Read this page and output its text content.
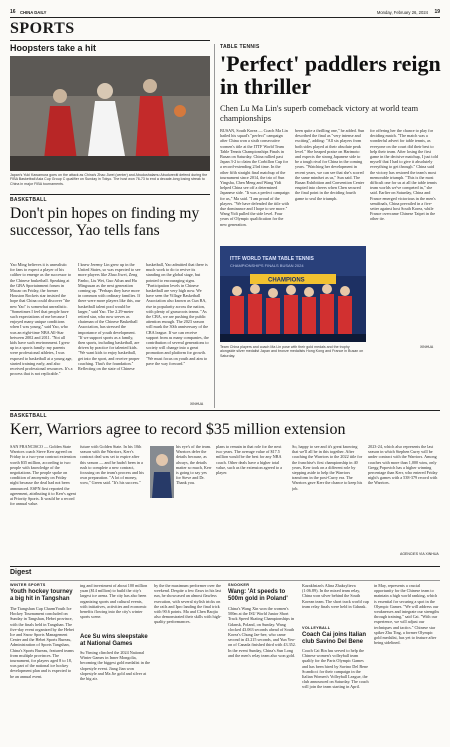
16 CHINA DAILY	Monday, February 26, 2024 19
SPORTS
Hoopsters take a hit
Japan's Yuki Kawamura goes on the attack as China's Zhao Jiwei (center) and Abudushalamu Abudurexiti defend during the FIBA Basketball Asia Cup Group C qualifier on Sunday in Tokyo. The host won 76-73 to end a decade-long losing streak to China in major FIBA tournaments.
BASKETBALL
Don't pin hopes on finding my successor, Yao tells fans
Yao Ming believes it is unrealistic for fans to expect a player of his caliber to emerge as the successor to the Chinese basketball. Speaking at the GBA Sportainment forum in Macao on Friday, the former Houston Rockets star insisted the hope that China could discover "the new Yao" is somewhat unrealistic. "Sometimes I feel that people have such expectations of me because I enjoyed many unique conditions when I was young," said Yao, who was an eight-time NBA All-Star between 2002 and 2011. "Not all kids have such environment. I grew up in a sports family: my parents were professional athletes, I was exposed to basketball at a young age, started training early, and also received professional resources. It's a process that is not replicable."
I knew Jeremy Lin grew up in the United States, so was expected to see more players like Zhao Jiwei, Zeng Fanbo, Liu Wei, Guo Ailun and Hu Mingxuan as the next generation coming up. "Perhaps they have more in common with ordinary families. If there were more players like this, our basketball talent pool would be larger," said Yao. The 2.29-meter retired star, who now serves as chairman of the Chinese Basketball Association, has stressed the importance of youth development. "If we support sports as a family, then sports, including basketball, are driven by practice for talented kids. "We want kids to enjoy basketball, get into the sport, and receive proper coaching. That's the foundation." Reflecting on the state of Chinese
basketball, Yao admitted that there is much work to do to revive its standing on the global stage, but pointed to encouraging signs. "Participation levels in Chinese basketball are very high now. We have seen the Village Basketball Association also known as Cun BA, rise in popularity across the nation, with plenty of grassroots teams. "As the CBA, we are pushing the public attention enough. The 2023 season will mark the 30th anniversary of the CBA league. If we can receive support from as many companies, the contribution of several generations to society will change into a great promotion and platform for growth. "We must focus on youth and aim to pave the way forward."
XINHUA
TABLE TENNIS
'Perfect' paddlers reign in thriller
Chen Lu Ma Lin's superb comeback victory at world team championships
BUSAN, South Korea — Coach Ma Lin hailed his squad's "perfect" campaign after China won a sixth consecutive women's title at the ITTF World Team Table Tennis Championships Finals in Busan on Saturday. China rallied past Japan 3-2 to claim the Corbillon Cup for a record-extending 23rd time. In the other fifth straight final matchup of the tournament since 2014, the trio of Sun Yingsha, Chen Meng and Wang Yidi helped China see off a determined Japanese side. "It was a perfect campaign for us," Ma said. "I am proud of the players. "We have defended the title with due dominance and I hope to see more." Wang Yidi pulled the side level. Four years of Olympic qualification for the new generation.
been quite a thrilling one," he added. Sun described the final as "very intense and exciting", adding: "All six players from both sides played at their absolute peak level." She heaped praise on Harimoto and expects the strong Japanese side to be a tough rival for China in the coming years. "Watching her development in recent years, we can see that she's scored the same mindset as us," Sun said. The Busan Exhibition and Convention Center erupted into cheers when Chen secured the final point in the deciding fourth game to seal the triumph.
for offering her the chance to play for deciding match. "The match was a wonderful advert for table tennis, as everyone on the court did their best to help their team. After losing the first game in the decisive matchup, I just told myself that I had to give it absolutely everything to get through." China said the victory has restored the team's most memorable triumph. "This is the most difficult one for us at all the table tennis team worlds we've competed in," she said. Earlier on Saturday, China and France emerged victorious in the men's semifinals, China prevailed in a five-setter against host South Korea, while France overcame Chinese Taipei in the other tie.
ITTF WORLD TEAM TABLE TENNIS
CHAMPIONSHIPS FINALS BUSAN 2024
CHAMPIONS
Team China players and coach Ma Lin pose with their gold medals and the trophy alongside silver medalist Japan and bronze medalists Hong Kong and France in Busan on Saturday.
XINHUA
BASKETBALL
Kerr, Warriors agree to record $35 million extension
SAN FRANCISCO — Golden State Warriors coach Steve Kerr agreed on Friday to a two-year contract extension worth $35 million, according to two people with knowledge of the negotiations. The people spoke on condition of anonymity on Friday night because the deal had not been announced. ESPN first reported the agreement, attributing it to Kerr's agent at Priority Sports. It would be a record for annual value.
future with Golden State. In his 10th season with the Warriors, Kerr's contract deal was set to expire after this season — and he hadn't been in a rush to complete a new contract, focusing on the team's process and his own preparation. "A lot of money, wow," Green said. "It's his success."
his eye's of the team. Warriors defer the details because, as always, the details matter so much, Kerr is going to say yes for Steve and Dr. Thank you.
plans to remain in that role for the next two years. The average value of $17.5 million would be the best for any NBA coach. Other deals have a higher total value, such as the extension agreed to a player.
So, happy to see and it's great knowing that we'll all be in this together. After coaching the Warriors to the 2022 title for the franchise's first championship in 40 years, Kerr took on a different role by stepping aside to help the Warriors transform in the post-Curry era. The Warriors gave Kerr the chance to keep his job.
2023-24, which also represents the last season in which Stephen Curry will be under contract with the Warriors. Among coaches with more than 1,000 wins, only Gregg Popovich has a higher winning percentage than Kerr, who entered Friday night's games with a 538-379 record with the Warriors.
AGENCIES VIA XINHUA
Digest
WINTER SPORTS
Youth hockey tourney a big hit in Tangshan
The Tiangshan Cup CharmYouth Ice Hockey Tournament concluded on Sunday in Tangshan, Hebei province, with the finals held in Tangshan. The five-day event organized by the Hebei Ice and Snow Sports Management Center and the Hebei Sports Bureau, Administration of Sports Tangshan, China's Sports Bureau, featured teams from multiple provinces. The tournament, for players aged 8 to 18, was part of the national ice hockey development plan and is expected to be an annual event.
ing and investment of about 100 million yuan ($14 million) to build the city's largest ice arena. The city has also been organizing sports and cultural events, with initiatives, activities and economic benefits flowing into the city's winter sports scene.
Ace Su wins sleepstake at National Games
Su Yiming clinched the 2024 National Winter Games in Inner Mongolia, becoming the biggest gold medalist in the slopestyle event. Jiang Jian won slopestyle and Ma Jie gold and silver at the big air.
by the the maximum performer over the weekend. Despite a few flaws in his last run, he showcased an almost flawless execution, with several stylish tricks on the rails and Ipro landing the final trick with 90.6 points. Ma and Chen Baojia also demonstrated their skills with high-quality performances.
SNOOKER
Wang: 'At speeds to 500m gold in Poland'
China's Wang Xin won the women's 500m at the ISU World Junior Short Track Speed Skating Championships in Gdansk, Poland, on Sunday. Wang clocked 43.063 seconds ahead of South Korea's Chung Jae-hee, who came second in 43.215 seconds, and Yun Yeo-on of Canada finished third with 43.352. In the event Sunday, China's Sun Long and the men's relay team also won gold.
Kazakhstan's Alina Zhaksylieva (1:06.89). In the mixed team relay, China won silver behind the South Korean team. The short track world cup team relay finals were held in Gdansk.
VOLLEYBALL
Coach Cai joins Italian club Savino Del Bene
Coach Cai Bin has served to help the Chinese women's volleyball team qualify for the Paris Olympic Games and has been hired by Savino Del Bene Scandicci for their campaign in the Italian Women's Volleyball League, the club announced on Saturday. The coach will join the team starting in April.
in May, represents a crucial opportunity for the Chinese team to maintain a high world ranking, which is essential for securing a spot in the Olympic Games. "We will address our weaknesses and integrate our strengths through training," said Cai. "With our experience, we will adjust our techniques and tactics." Chinese star spiker Zhu Ting, a former Olympic gold medalist, has yet to feature after being sidelined.
